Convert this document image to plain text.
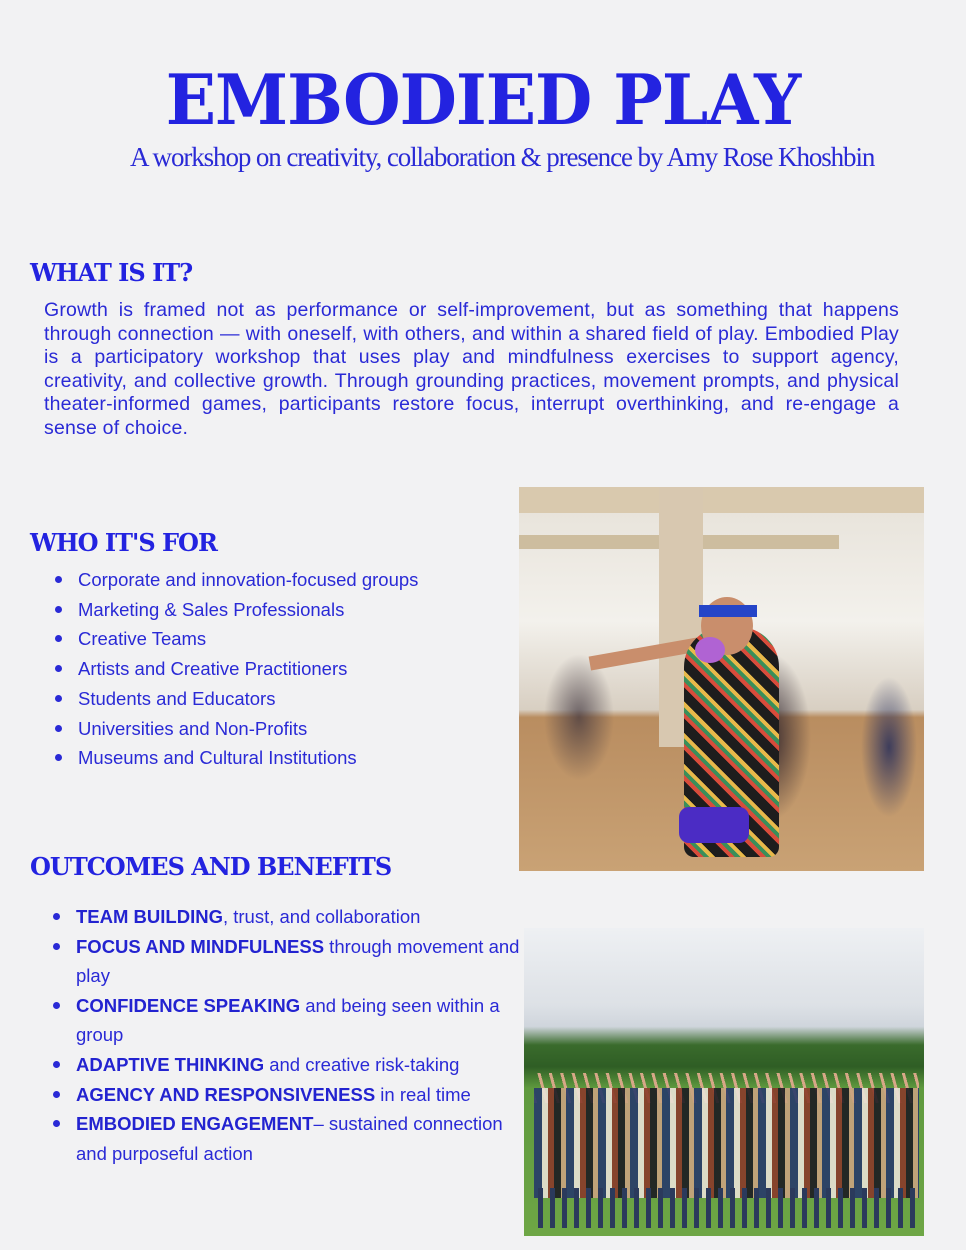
EMBODIED PLAY

A workshop on creativity, collaboration & presence by Amy Rose Khoshbin

WHAT IS IT?

Growth is framed not as performance or self-improvement, but as something that happens through connection — with oneself, with others, and within a shared field of play. Embodied Play is a participatory workshop that uses play and mindfulness exercises to support agency, creativity, and collective growth. Through grounding practices, movement prompts, and physical theater-informed games, participants restore focus, interrupt overthinking, and re-engage a sense of choice.

WHO IT'S FOR
Corporate and innovation-focused groups
Marketing & Sales Professionals
Creative Teams
Artists and Creative Practitioners
Students and Educators
Universities and Non-Profits
Museums and Cultural Institutions
OUTCOMES AND BENEFITS
TEAM BUILDING, trust, and collaboration
FOCUS AND MINDFULNESS through movement and play
CONFIDENCE SPEAKING and being seen within a group
ADAPTIVE THINKING and creative risk-taking
AGENCY AND RESPONSIVENESS in real time
EMBODIED ENGAGEMENT– sustained connection and purposeful action
